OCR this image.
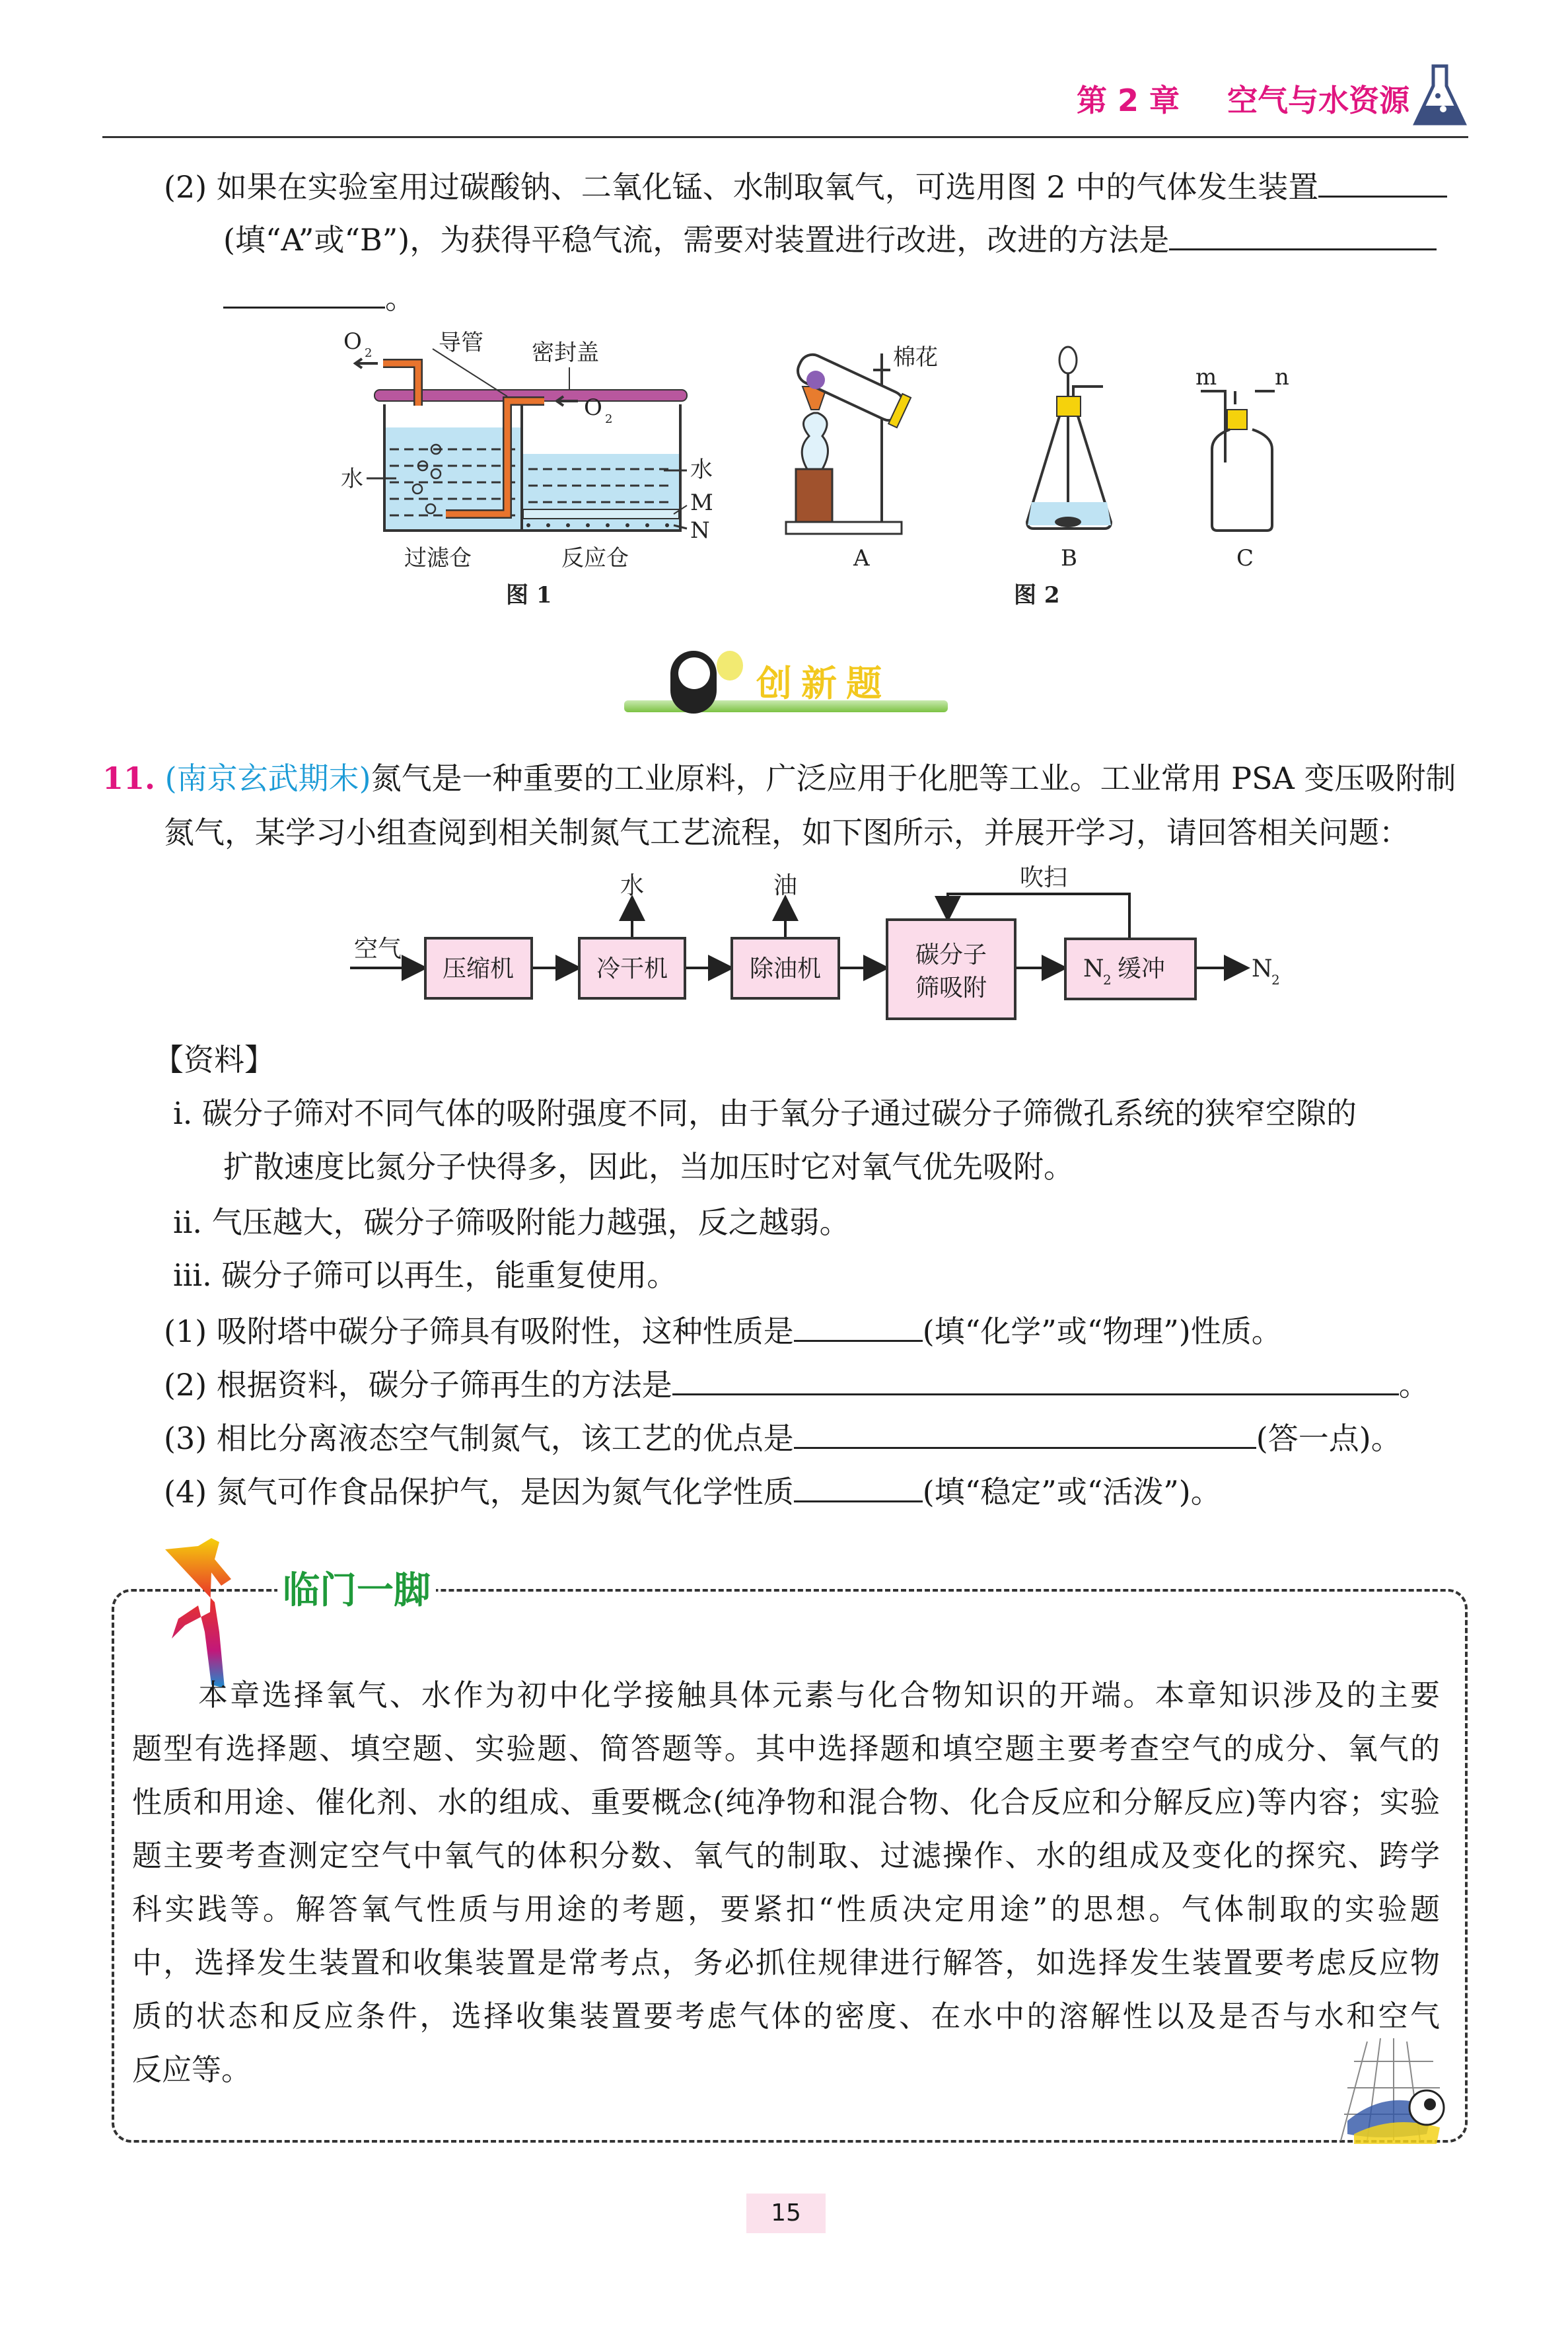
第 2 章 空气与水资源
(2) 如果在实验室用过碳酸钠、二氧化锰、水制取氧气，可选用图 2 中的气体发生装置
(填“A”或“B”)，为获得平稳气流，需要对装置进行改进，改进的方法是
。
O 2
O 2
导管 密封盖
水	水
M
N
过滤仓	反应仓
图 1
棉花
A	B	C
m	n
图 2
创新题
11. (南京玄武期末)氮气是一种重要的工业原料，广泛应用于化肥等工业。工业常用 PSA 变压吸附制
氮气，某学习小组查阅到相关制氮气工艺流程，如下图所示，并展开学习，请回答相关问题：
空气
压缩机	冷干机	除油机
碳分子
筛吸附
水	油	吹扫
N
2 缓冲	N
2
【资料】
ⅰ. 碳分子筛对不同气体的吸附强度不同，由于氧分子通过碳分子筛微孔系统的狭窄空隙的
扩散速度比氮分子快得多，因此，当加压时它对氧气优先吸附。
ⅱ. 气压越大，碳分子筛吸附能力越强，反之越弱。
ⅲ. 碳分子筛可以再生，能重复使用。
(1) 吸附塔中碳分子筛具有吸附性，这种性质是	(填“化学”或“物理”)性质。
(2) 根据资料，碳分子筛再生的方法是	。
(3) 相比分离液态空气制氮气，该工艺的优点是	(答一点)。
(4) 氮气可作食品保护气，是因为氮气化学性质	(填“稳定”或“活泼”)。
临门一脚
本章选择氧气、水作为初中化学接触具体元素与化合物知识的开端。本章知识涉及的主要
题型有选择题、填空题、实验题、简答题等。其中选择题和填空题主要考查空气的成分、氧气的
性质和用途、催化剂、水的组成、重要概念(纯净物和混合物、化合反应和分解反应)等内容；实验
题主要考查测定空气中氧气的体积分数、氧气的制取、过滤操作、水的组成及变化的探究、跨学
科实践等。解答氧气性质与用途的考题，要紧扣“性质决定用途”的思想。气体制取的实验题
中，选择发生装置和收集装置是常考点，务必抓住规律进行解答，如选择发生装置要考虑反应物
质的状态和反应条件，选择收集装置要考虑气体的密度、在水中的溶解性以及是否与水和空气
反应等。
15
